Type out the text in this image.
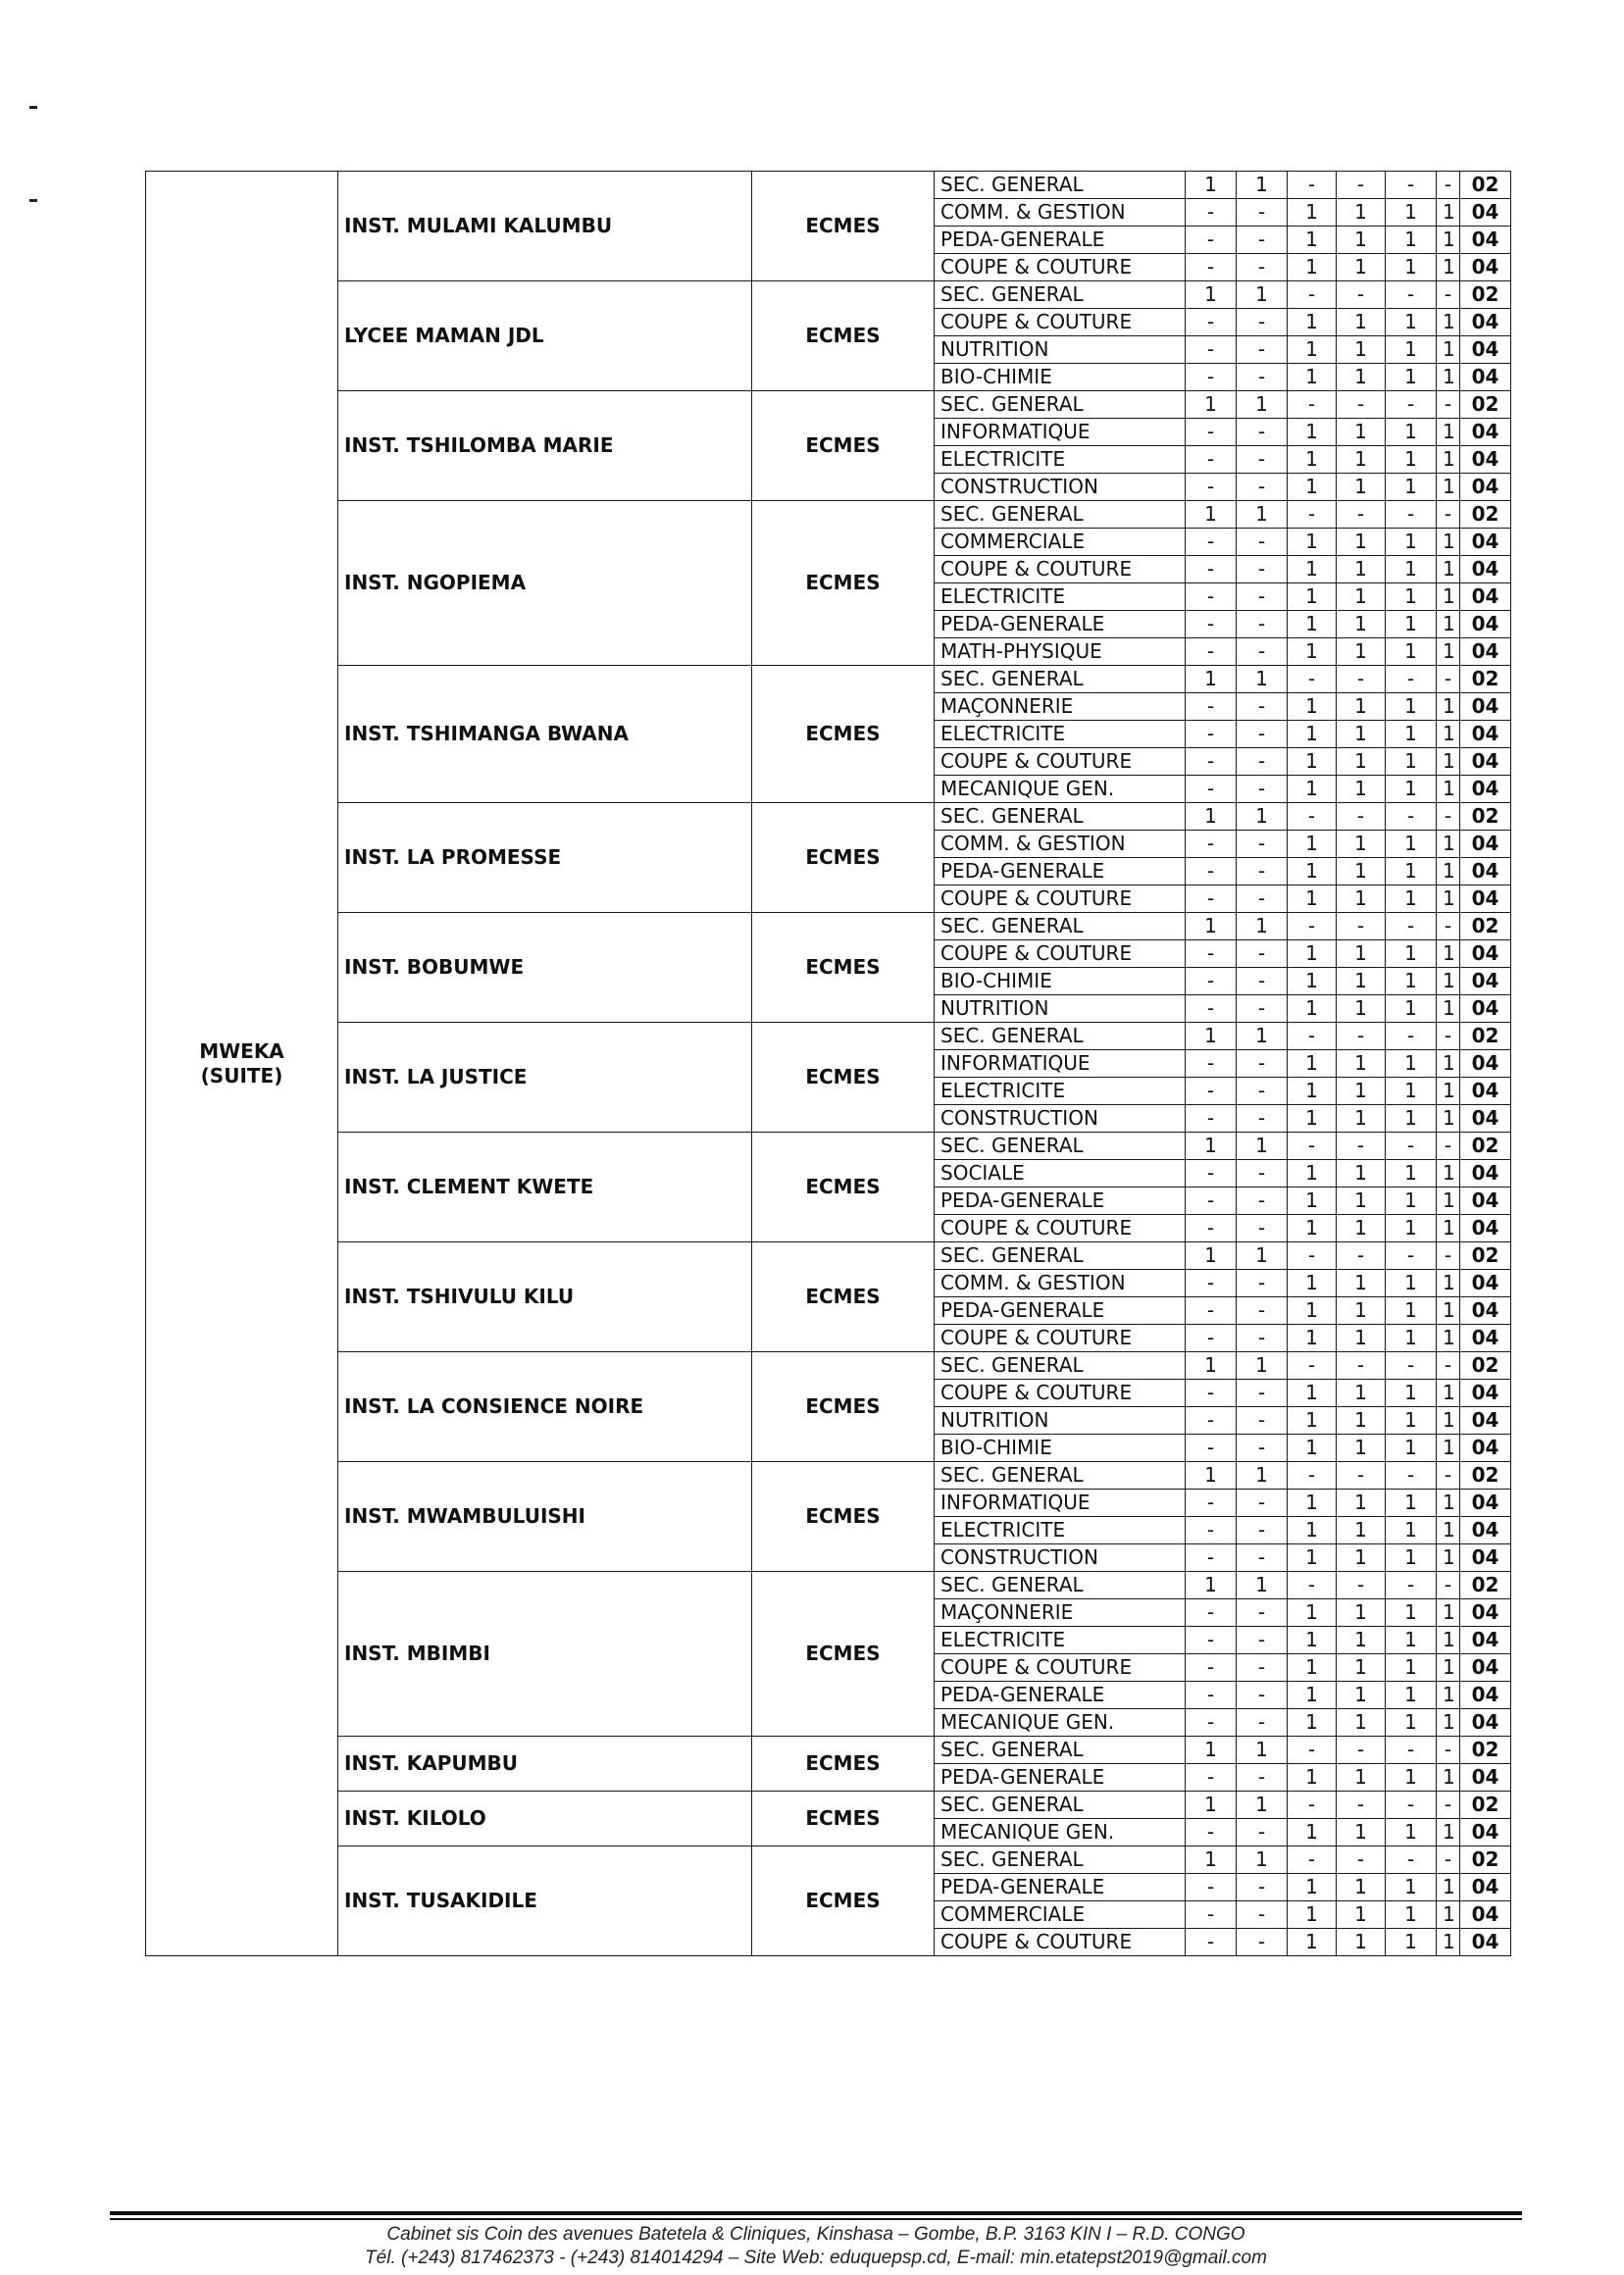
MWEKA
(SUITE)	INST. MULAMI KALUMBU	ECMES	SEC. GENERAL	1	1	-	-	-	-	02
			COMM. & GESTION	-	-	1	1	1	1	04
			PEDA-GENERALE	-	-	1	1	1	1	04
			COUPE & COUTURE	-	-	1	1	1	1	04
	LYCEE MAMAN JDL	ECMES	SEC. GENERAL	1	1	-	-	-	-	02
			COUPE & COUTURE	-	-	1	1	1	1	04
			NUTRITION	-	-	1	1	1	1	04
			BIO-CHIMIE	-	-	1	1	1	1	04
	INST. TSHILOMBA MARIE	ECMES	SEC. GENERAL	1	1	-	-	-	-	02
			INFORMATIQUE	-	-	1	1	1	1	04
			ELECTRICITE	-	-	1	1	1	1	04
			CONSTRUCTION	-	-	1	1	1	1	04
	INST. NGOPIEMA	ECMES	SEC. GENERAL	1	1	-	-	-	-	02
			COMMERCIALE	-	-	1	1	1	1	04
			COUPE & COUTURE	-	-	1	1	1	1	04
			ELECTRICITE	-	-	1	1	1	1	04
			PEDA-GENERALE	-	-	1	1	1	1	04
			MATH-PHYSIQUE	-	-	1	1	1	1	04
	INST. TSHIMANGA BWANA	ECMES	SEC. GENERAL	1	1	-	-	-	-	02
			MAÇONNERIE	-	-	1	1	1	1	04
			ELECTRICITE	-	-	1	1	1	1	04
			COUPE & COUTURE	-	-	1	1	1	1	04
			MECANIQUE GEN.	-	-	1	1	1	1	04
	INST. LA PROMESSE	ECMES	SEC. GENERAL	1	1	-	-	-	-	02
			COMM. & GESTION	-	-	1	1	1	1	04
			PEDA-GENERALE	-	-	1	1	1	1	04
			COUPE & COUTURE	-	-	1	1	1	1	04
	INST. BOBUMWE	ECMES	SEC. GENERAL	1	1	-	-	-	-	02
			COUPE & COUTURE	-	-	1	1	1	1	04
			BIO-CHIMIE	-	-	1	1	1	1	04
			NUTRITION	-	-	1	1	1	1	04
	INST. LA JUSTICE	ECMES	SEC. GENERAL	1	1	-	-	-	-	02
			INFORMATIQUE	-	-	1	1	1	1	04
			ELECTRICITE	-	-	1	1	1	1	04
			CONSTRUCTION	-	-	1	1	1	1	04
	INST. CLEMENT KWETE	ECMES	SEC. GENERAL	1	1	-	-	-	-	02
			SOCIALE	-	-	1	1	1	1	04
			PEDA-GENERALE	-	-	1	1	1	1	04
			COUPE & COUTURE	-	-	1	1	1	1	04
	INST. TSHIVULU KILU	ECMES	SEC. GENERAL	1	1	-	-	-	-	02
			COMM. & GESTION	-	-	1	1	1	1	04
			PEDA-GENERALE	-	-	1	1	1	1	04
			COUPE & COUTURE	-	-	1	1	1	1	04
	INST. LA CONSIENCE NOIRE	ECMES	SEC. GENERAL	1	1	-	-	-	-	02
			COUPE & COUTURE	-	-	1	1	1	1	04
			NUTRITION	-	-	1	1	1	1	04
			BIO-CHIMIE	-	-	1	1	1	1	04
	INST. MWAMBULUISHI	ECMES	SEC. GENERAL	1	1	-	-	-	-	02
			INFORMATIQUE	-	-	1	1	1	1	04
			ELECTRICITE	-	-	1	1	1	1	04
			CONSTRUCTION	-	-	1	1	1	1	04
	INST. MBIMBI	ECMES	SEC. GENERAL	1	1	-	-	-	-	02
			MAÇONNERIE	-	-	1	1	1	1	04
			ELECTRICITE	-	-	1	1	1	1	04
			COUPE & COUTURE	-	-	1	1	1	1	04
			PEDA-GENERALE	-	-	1	1	1	1	04
			MECANIQUE GEN.	-	-	1	1	1	1	04
	INST. KAPUMBU	ECMES	SEC. GENERAL	1	1	-	-	-	-	02
			PEDA-GENERALE	-	-	1	1	1	1	04
	INST. KILOLO	ECMES	SEC. GENERAL	1	1	-	-	-	-	02
			MECANIQUE GEN.	-	-	1	1	1	1	04
	INST. TUSAKIDILE	ECMES	SEC. GENERAL	1	1	-	-	-	-	02
			PEDA-GENERALE	-	-	1	1	1	1	04
			COMMERCIALE	-	-	1	1	1	1	04
			COUPE & COUTURE	-	-	1	1	1	1	04
Cabinet sis Coin des avenues Batetela & Cliniques, Kinshasa – Gombe, B.P. 3163 KIN I – R.D. CONGO
Tél. (+243) 817462373 - (+243) 814014294 – Site Web: eduquepsp.cd, E-mail: min.etatepst2019@gmail.com
